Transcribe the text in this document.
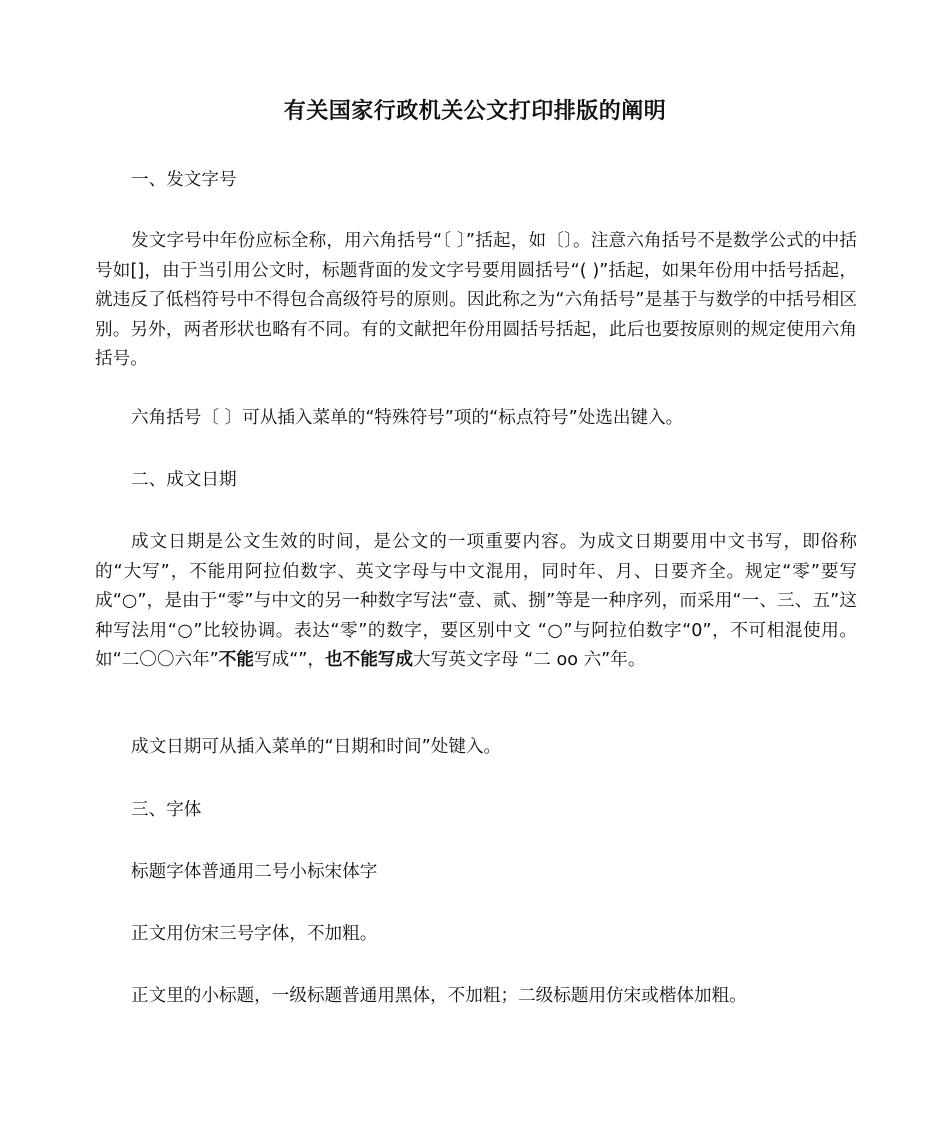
有关国家行政机关公文打印排版的阐明

一、发文字号

发文字号中年份应标全称，用六角括号“〔 〕”括起，如〔〕。注意六角括号不是数学公式的中括号如[]，由于当引用公文时，标题背面的发文字号要用圆括号“( )”括起，如果年份用中括号括起，就违反了低档符号中不得包合高级符号的原则。因此称之为“六角括号”是基于与数学的中括号相区别。另外，两者形状也略有不同。有的文献把年份用圆括号括起，此后也要按原则的规定使用六角括号。

六角括号〔 〕可从插入菜单的“特殊符号”项的“标点符号”处选出键入。

二、成文日期

成文日期是公文生效的时间，是公文的一项重要内容。为成文日期要用中文书写，即俗称的“大写”，不能用阿拉伯数字、英文字母与中文混用，同时年、月、日要齐全。规定“零”要写成“○”，是由于“零”与中文的另一种数字写法“壹、贰、捌”等是一种序列，而采用“一、三、五”这种写法用“○”比较协调。表达“零”的数字，要区别中文 “○”与阿拉伯数字“0”，不可相混使用。如“二〇〇六年”不能写成“”，也不能写成大写英文字母 “二 oo 六”年。

成文日期可从插入菜单的“日期和时间”处键入。

三、字体

标题字体普通用二号小标宋体字

正文用仿宋三号字体，不加粗。

正文里的小标题，一级标题普通用黑体，不加粗；二级标题用仿宋或楷体加粗。
